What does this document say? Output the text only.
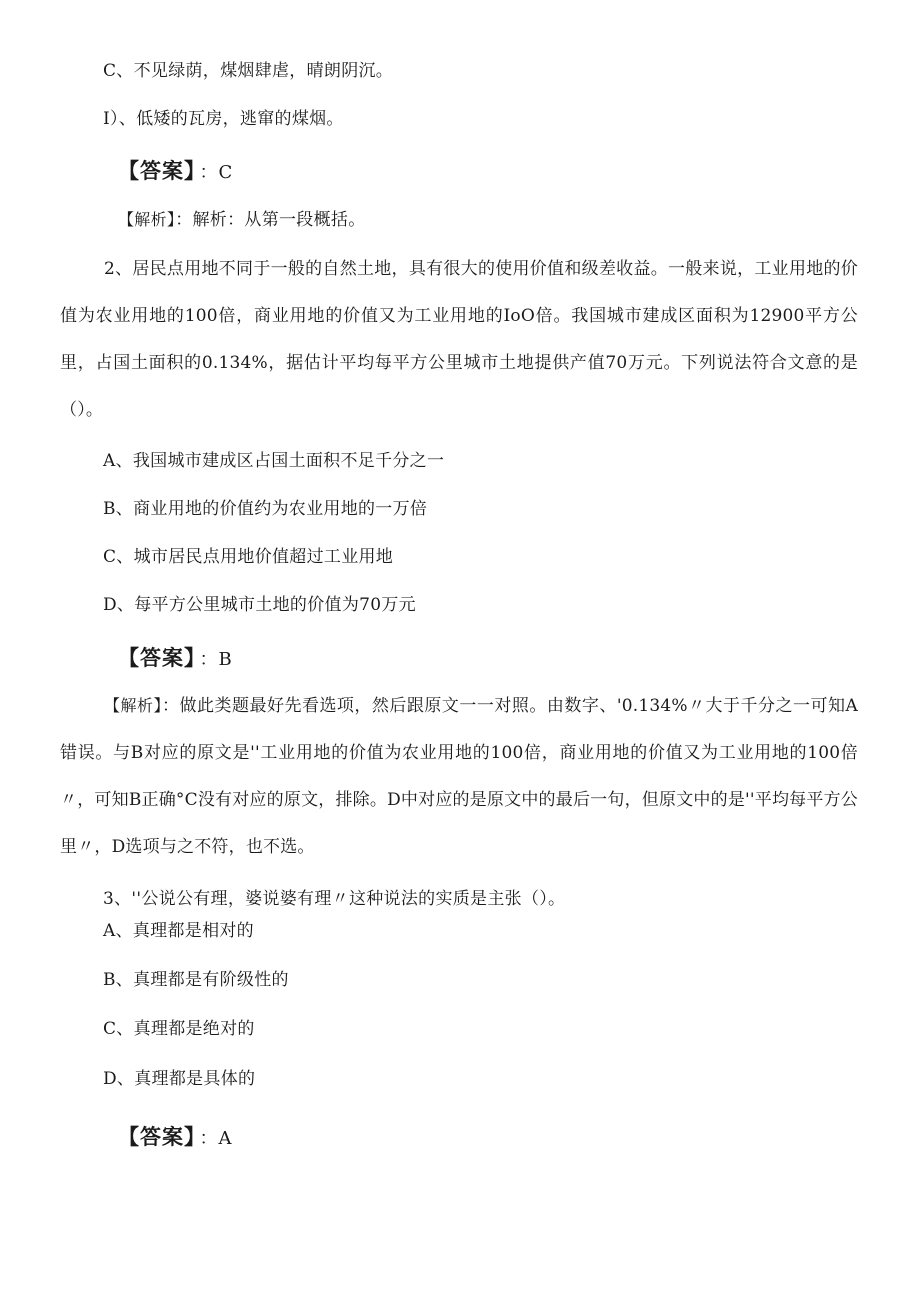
C、不见绿荫，煤烟肆虐，晴朗阴沉。
I）、低矮的瓦房，逃窜的煤烟。
【答案】 ：C
【解析】：解析：从第一段概括。
2、居民点用地不同于一般的自然土地，具有很大的使用价值和级差收益。一般来说，工业用地的价值为农业用地的100倍，商业用地的价值又为工业用地的IoO倍。我国城市建成区面积为12900平方公里，占国土面积的0.134%，据估计平均每平方公里城市土地提供产值70万元。下列说法符合文意的是（）。
A、我国城市建成区占国土面积不足千分之一
B、商业用地的价值约为农业用地的一万倍
C、城市居民点用地价值超过工业用地
D、每平方公里城市土地的价值为70万元
【答案】 ：B
【解析】：做此类题最好先看选项，然后跟原文一一对照。由数字、'0.134%〃大于千分之一可知A错误。与B对应的原文是''工业用地的价值为农业用地的100倍，商业用地的价值又为工业用地的100倍〃，可知B正确°C没有对应的原文，排除。D中对应的是原文中的最后一句，但原文中的是''平均每平方公里〃，D选项与之不符，也不选。
3、''公说公有理，婆说婆有理〃这种说法的实质是主张（）。
A、真理都是相对的
B、真理都是有阶级性的
C、真理都是绝对的
D、真理都是具体的
【答案】 ：A
